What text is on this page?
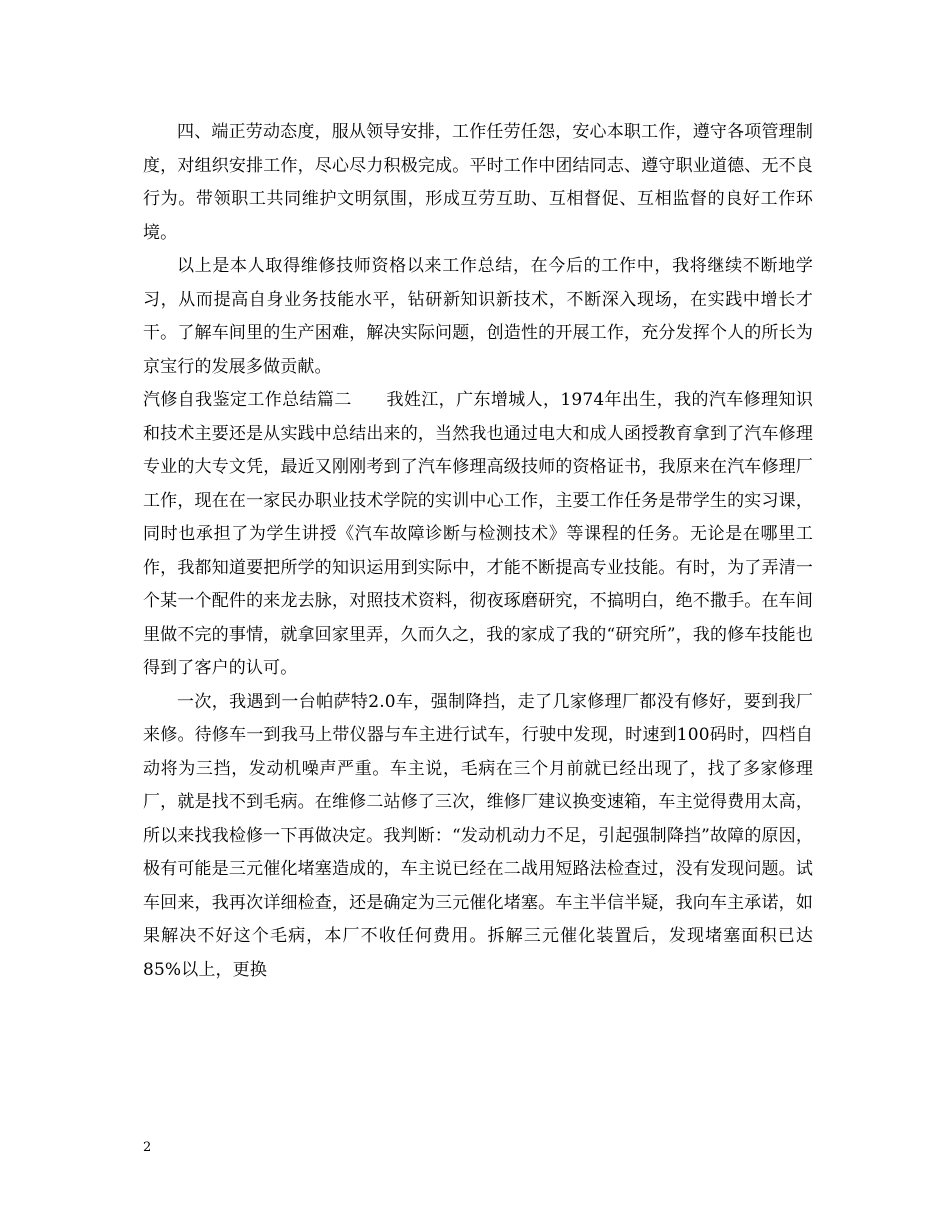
四、端正劳动态度，服从领导安排，工作任劳任怨，安心本职工作，遵守各项管理制度，对组织安排工作，尽心尽力积极完成。平时工作中团结同志、遵守职业道德、无不良行为。带领职工共同维护文明氛围，形成互劳互助、互相督促、互相监督的良好工作环境。

以上是本人取得维修技师资格以来工作总结，在今后的工作中，我将继续不断地学习，从而提高自身业务技能水平，钻研新知识新技术，不断深入现场，在实践中增长才干。了解车间里的生产困难，解决实际问题，创造性的开展工作，充分发挥个人的所长为京宝行的发展多做贡献。

汽修自我鉴定工作总结篇二　　我姓江，广东增城人，1974年出生，我的汽车修理知识和技术主要还是从实践中总结出来的，当然我也通过电大和成人函授教育拿到了汽车修理专业的大专文凭，最近又刚刚考到了汽车修理高级技师的资格证书，我原来在汽车修理厂工作，现在在一家民办职业技术学院的实训中心工作，主要工作任务是带学生的实习课，同时也承担了为学生讲授《汽车故障诊断与检测技术》等课程的任务。无论是在哪里工作，我都知道要把所学的知识运用到实际中，才能不断提高专业技能。有时，为了弄清一个某一个配件的来龙去脉，对照技术资料，彻夜琢磨研究，不搞明白，绝不撒手。在车间里做不完的事情，就拿回家里弄，久而久之，我的家成了我的“研究所”，我的修车技能也得到了客户的认可。

一次，我遇到一台帕萨特2.0车，强制降挡，走了几家修理厂都没有修好，要到我厂来修。待修车一到我马上带仪器与车主进行试车，行驶中发现，时速到100码时，四档自动将为三挡，发动机噪声严重。车主说，毛病在三个月前就已经出现了，找了多家修理厂，就是找不到毛病。在维修二站修了三次，维修厂建议换变速箱，车主觉得费用太高，所以来找我检修一下再做决定。我判断：“发动机动力不足，引起强制降挡”故障的原因，极有可能是三元催化堵塞造成的，车主说已经在二战用短路法检查过，没有发现问题。试车回来，我再次详细检查，还是确定为三元催化堵塞。车主半信半疑，我向车主承诺，如果解决不好这个毛病，本厂不收任何费用。拆解三元催化装置后，发现堵塞面积已达85%以上，更换

2
